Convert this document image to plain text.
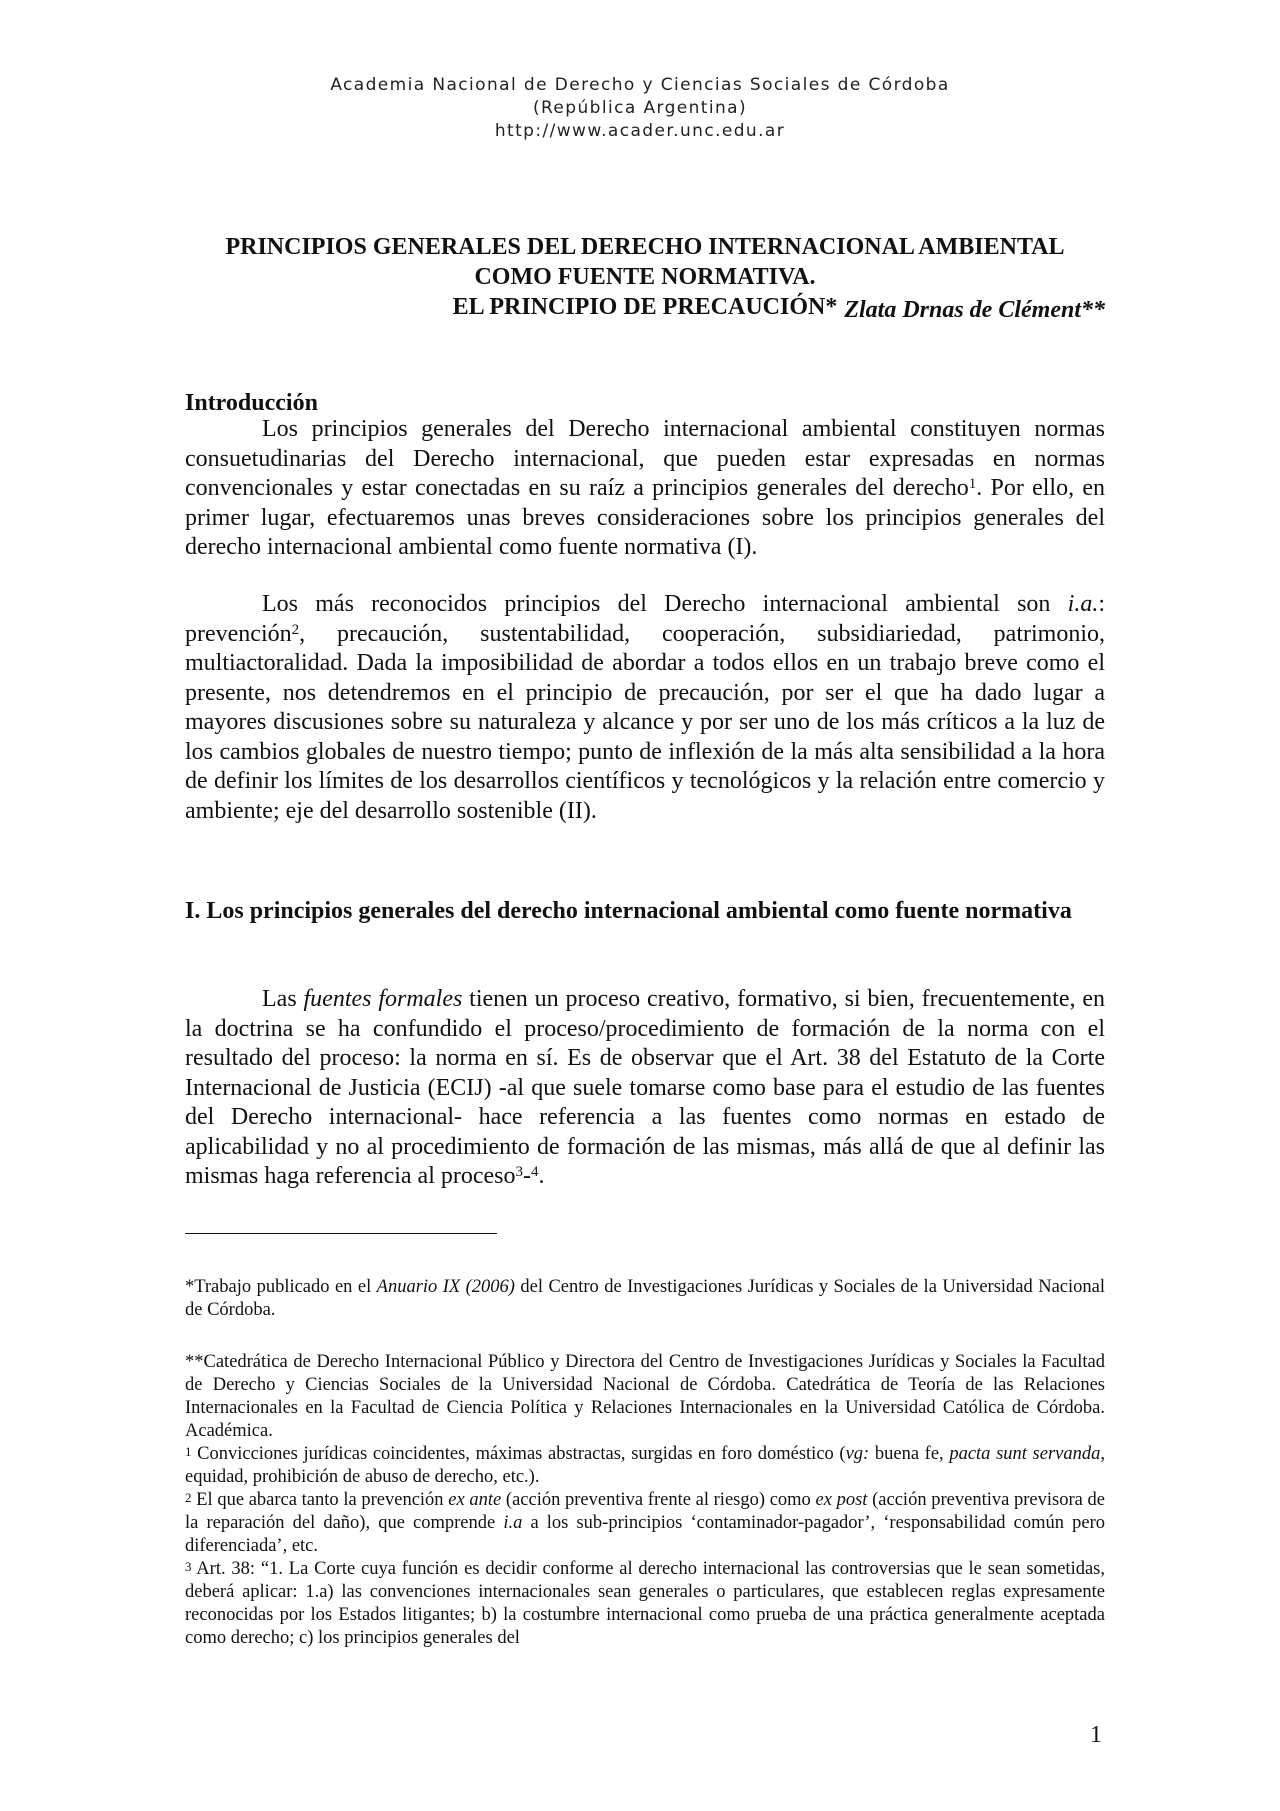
Academia Nacional de Derecho y Ciencias Sociales de Córdoba
(República Argentina)
http://www.acader.unc.edu.ar
PRINCIPIOS GENERALES DEL DERECHO INTERNACIONAL AMBIENTAL
COMO FUENTE NORMATIVA.
EL PRINCIPIO DE PRECAUCIÓN* Zlata Drnas de Clément**
Introducción

Los principios generales del Derecho internacional ambiental constituyen normas consuetudinarias del Derecho internacional, que pueden estar expresadas en normas convencionales y estar conectadas en su raíz a principios generales del derecho$^1$. Por ello, en primer lugar, efectuaremos unas breves consideraciones sobre los principios generales del derecho internacional ambiental como fuente normativa (I).

Los más reconocidos principios del Derecho internacional ambiental son i.a.: prevención$^2$, precaución, sustentabilidad, cooperación, subsidiariedad, patrimonio, multiactoralidad. Dada la imposibilidad de abordar a todos ellos en un trabajo breve como el presente, nos detendremos en el principio de precaución, por ser el que ha dado lugar a mayores discusiones sobre su naturaleza y alcance y por ser uno de los más críticos a la luz de los cambios globales de nuestro tiempo; punto de inflexión de la más alta sensibilidad a la hora de definir los límites de los desarrollos científicos y tecnológicos y la relación entre comercio y ambiente; eje del desarrollo sostenible (II).

I. Los principios generales del derecho internacional ambiental como fuente normativa

Las fuentes formales tienen un proceso creativo, formativo, si bien, frecuentemente, en la doctrina se ha confundido el proceso/procedimiento de formación de la norma con el resultado del proceso: la norma en sí. Es de observar que el Art. 38 del Estatuto de la Corte Internacional de Justicia (ECIJ) -al que suele tomarse como base para el estudio de las fuentes del Derecho internacional- hace referencia a las fuentes como normas en estado de aplicabilidad y no al procedimiento de formación de las mismas, más allá de que al definir las mismas haga referencia al proceso$^3$-$^4$.

*Trabajo publicado en el Anuario IX (2006) del Centro de Investigaciones Jurídicas y Sociales de la Universidad Nacional de Córdoba.

**Catedrática de Derecho Internacional Público y Directora del Centro de Investigaciones Jurídicas y Sociales la Facultad de Derecho y Ciencias Sociales de la Universidad Nacional de Córdoba. Catedrática de Teoría de las Relaciones Internacionales en la Facultad de Ciencia Política y Relaciones Internacionales en la Universidad Católica de Córdoba. Académica.

$^1$ Convicciones jurídicas coincidentes, máximas abstractas, surgidas en foro doméstico (vg: buena fe, pacta sunt servanda, equidad, prohibición de abuso de derecho, etc.).

$^2$ El que abarca tanto la prevención ex ante (acción preventiva frente al riesgo) como ex post (acción preventiva previsora de la reparación del daño), que comprende i.a a los sub-principios ‘contaminador-pagador’, ‘responsabilidad común pero diferenciada’, etc.

$^3$ Art. 38: “1. La Corte cuya función es decidir conforme al derecho internacional las controversias que le sean sometidas, deberá aplicar: 1.a) las convenciones internacionales sean generales o particulares, que establecen reglas expresamente reconocidas por los Estados litigantes; b) la costumbre internacional como prueba de una práctica generalmente aceptada como derecho; c) los principios generales del

1
